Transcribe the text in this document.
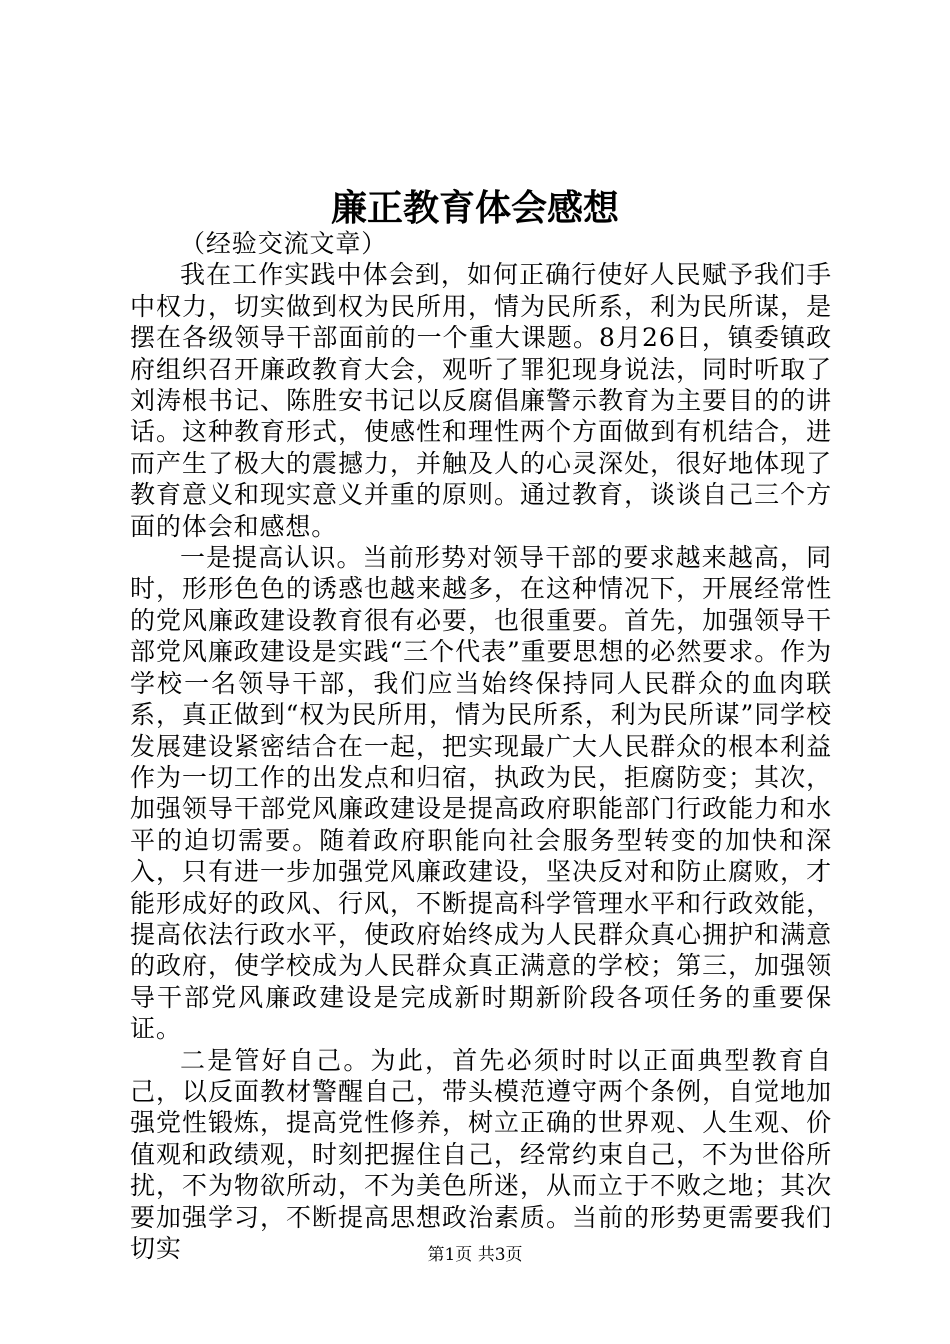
廉正教育体会感想

（经验交流文章）

我在工作实践中体会到，如何正确行使好人民赋予我们手中权力，切实做到权为民所用，情为民所系，利为民所谋，是摆在各级领导干部面前的一个重大课题。8月26日，镇委镇政府组织召开廉政教育大会，观听了罪犯现身说法，同时听取了刘涛根书记、陈胜安书记以反腐倡廉警示教育为主要目的的讲话。这种教育形式，使感性和理性两个方面做到有机结合，进而产生了极大的震撼力，并触及人的心灵深处，很好地体现了教育意义和现实意义并重的原则。通过教育，谈谈自己三个方面的体会和感想。

一是提高认识。当前形势对领导干部的要求越来越高，同时，形形色色的诱惑也越来越多，在这种情况下，开展经常性的党风廉政建设教育很有必要，也很重要。首先，加强领导干部党风廉政建设是实践“三个代表”重要思想的必然要求。作为学校一名领导干部，我们应当始终保持同人民群众的血肉联系，真正做到“权为民所用，情为民所系，利为民所谋”同学校发展建设紧密结合在一起，把实现最广大人民群众的根本利益作为一切工作的出发点和归宿，执政为民，拒腐防变；其次，加强领导干部党风廉政建设是提高政府职能部门行政能力和水平的迫切需要。随着政府职能向社会服务型转变的加快和深入，只有进一步加强党风廉政建设，坚决反对和防止腐败，才能形成好的政风、行风，不断提高科学管理水平和行政效能，提高依法行政水平，使政府始终成为人民群众真心拥护和满意的政府，使学校成为人民群众真正满意的学校；第三，加强领导干部党风廉政建设是完成新时期新阶段各项任务的重要保证。

二是管好自己。为此，首先必须时时以正面典型教育自己，以反面教材警醒自己，带头模范遵守两个条例，自觉地加强党性锻炼，提高党性修养，树立正确的世界观、人生观、价值观和政绩观，时刻把握住自己，经常约束自己，不为世俗所扰，不为物欲所动，不为美色所迷，从而立于不败之地；其次要加强学习，不断提高思想政治素质。当前的形势更需要我们切实	第1页 共3页
